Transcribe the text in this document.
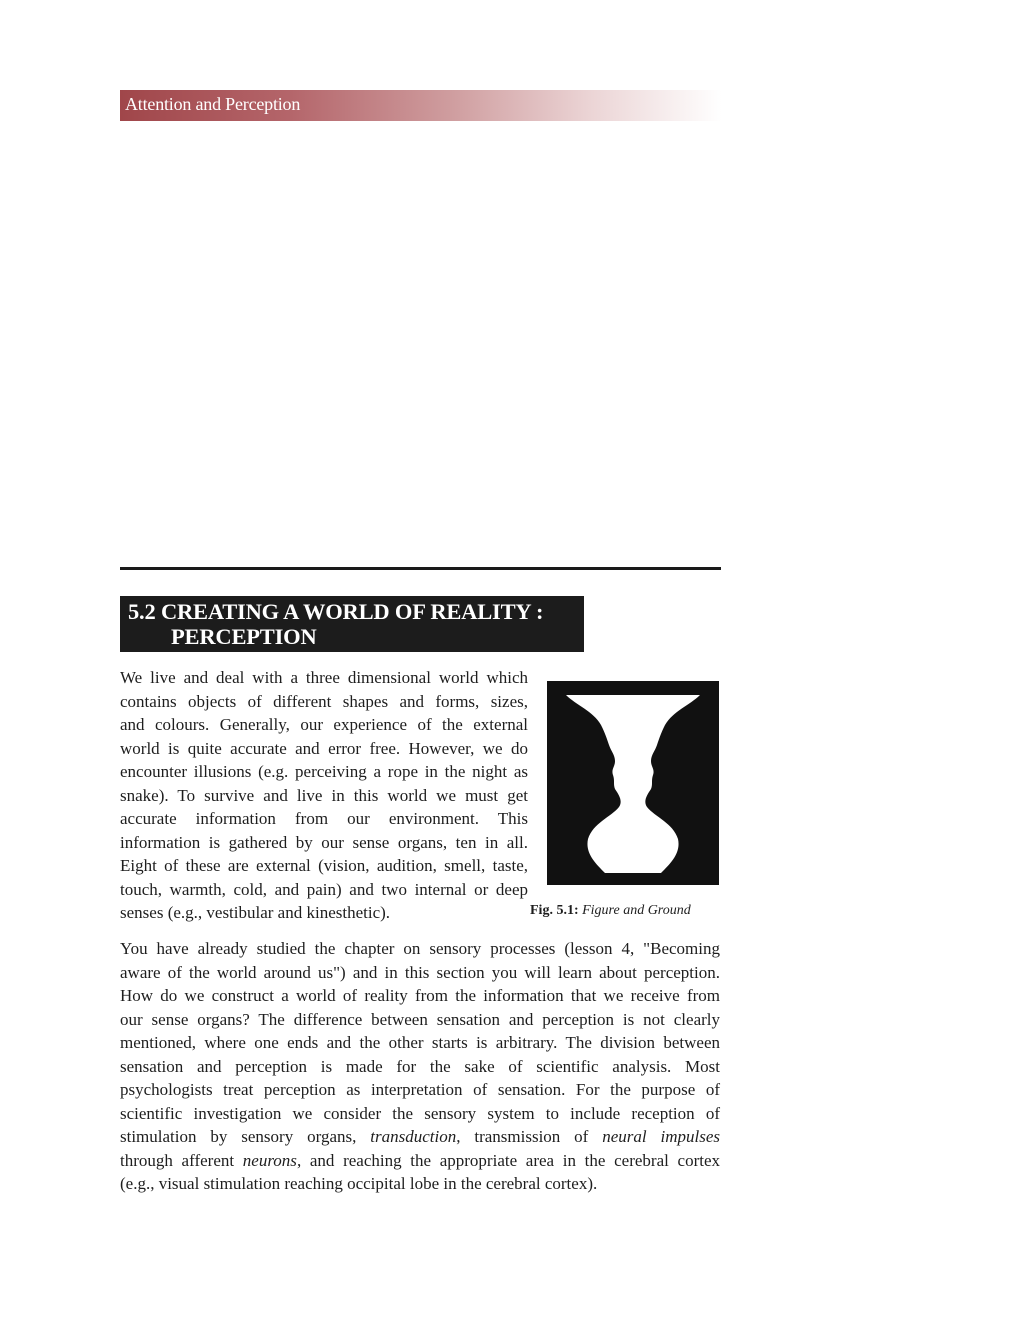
Attention and Perception
5.2 CREATING A WORLD OF REALITY :
PERCEPTION
We live and deal with a three dimensional world which
contains objects of different shapes and forms, sizes,
and colours. Generally, our experience of the external
world is quite accurate and error free. However, we do
encounter illusions (e.g. perceiving a rope in the night as
snake). To survive and live in this world we must get
accurate information from our environment. This
information is gathered by our sense organs, ten in all.
Eight of these are external (vision, audition, smell, taste,
touch, warmth, cold, and pain) and two internal or deep
senses (e.g., vestibular and kinesthetic).	Fig. 5.1: Figure and Ground
You have already studied the chapter on sensory processes (lesson 4, "Becoming
aware of the world around us") and in this section you will learn about perception.
How do we construct a world of reality from the information that we receive from
our sense organs? The difference between sensation and perception is not clearly
mentioned, where one ends and the other starts is arbitrary. The division between
sensation and perception is made for the sake of scientific analysis. Most
psychologists treat perception as interpretation of sensation. For the purpose of
scientific investigation we consider the sensory system to include reception of
stimulation by sensory organs, transduction, transmission of neural impulses
through afferent neurons, and reaching the appropriate area in the cerebral cortex
(e.g., visual stimulation reaching occipital lobe in the cerebral cortex).
